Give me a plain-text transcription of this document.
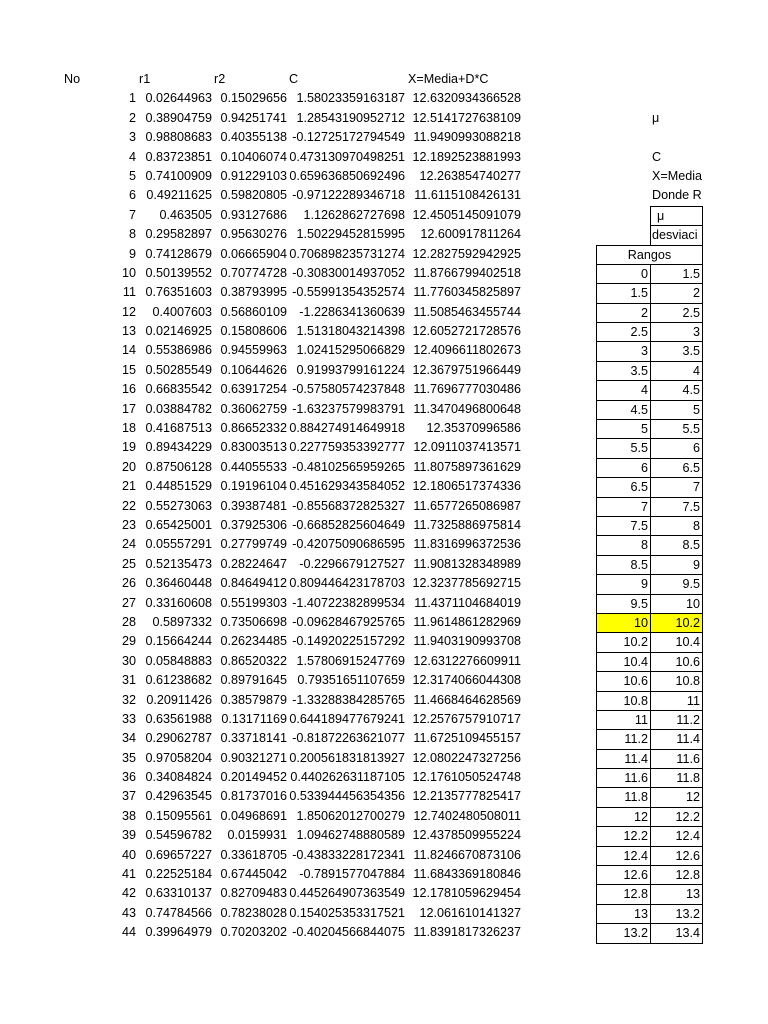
No	r1	r2	C	X=Media+D*C
1 0.02644963 0.15029656 1.58023359163187 12.6320934366528
2 0.38904759 0.94251741 1.28543190952712 12.5141727638109
3 0.98808683 0.40355138 -0.12725172794549 11.9490993088218
4 0.83723851 0.10406074 0.473130970498251 12.1892523881993
5 0.74100909 0.91229103 0.659636850692496	12.263854740277
6 0.49211625 0.59820805 -0.97122289346718 11.6115108426131
7	0.463505 0.93127686	1.1262862727698 12.4505145091079
8 0.29582897 0.95630276 1.50229452815995	12.600917811264
9 0.74128679 0.06665904 0.706898235731274 12.2827592942925
10 0.50139552 0.70774728 -0.30830014937052 11.8766799402518
11 0.76351603 0.38793995 -0.55991354352574 11.7760345825897
12	0.4007603 0.56860109 -1.2286341360639 11.5085463455744
13 0.02146925 0.15808606 1.51318043214398 12.6052721728576
14 0.55386986 0.94559963 1.02415295066829 12.4096611802673
15 0.50285549 0.10644626 0.91993799161224 12.3679751966449
16 0.66835542 0.63917254 -0.57580574237848 11.7696777030486
17 0.03884782 0.36062759 -1.63237579983791 11.3470496800648
18 0.41687513 0.86652332 0.884274914649918	12.35370996586
19 0.89434229 0.83003513 0.227759353392777 12.0911037413571
20 0.87506128 0.44055533 -0.48102565959265 11.8075897361629
21 0.44851529 0.19196104 0.451629343584052 12.1806517374336
22 0.55273063 0.39387481 -0.85568372825327 11.6577265086987
23 0.65425001 0.37925306 -0.66852825604649 11.7325886975814
24 0.05557291 0.27799749 -0.42075090686595 11.8316996372536
25 0.52135473 0.28224647 -0.2296679127527 11.9081328348989
26 0.36460448 0.84649412 0.809446423178703 12.3237785692715
27 0.33160608 0.55199303 -1.40722382899534 11.4371104684019
28	0.5897332 0.73506698 -0.09628467925765 11.9614861282969
29 0.15664244 0.26234485 -0.14920225157292 11.9403190993708
30 0.05848883 0.86520322 1.57806915247769 12.6312276609911
31 0.61238682 0.89791645 0.79351651107659 12.3174066044308
32 0.20911426 0.38579879 -1.33288384285765 11.4668464628569
33 0.63561988 0.13171169 0.644189477679241 12.2576757910717
34 0.29062787 0.33718141 -0.81872263621077 11.6725109455157
35 0.97058204 0.90321271 0.200561831813927 12.0802247327256
36 0.34084824 0.20149452 0.440262631187105 12.1761050524748
37 0.42963545 0.81737016 0.533944456354356 12.2135777825417
38 0.15095561 0.04968691 1.85062012700279 12.7402480508011
39 0.54596782	0.0159931 1.09462748880589 12.4378509955224
40 0.69657227 0.33618705 -0.43833228172341 11.8246670873106
41 0.22525184 0.67445042 -0.7891577047884 11.6843369180846
42 0.63310137 0.82709483 0.445264907363549 12.1781059629454
43 0.74784566 0.78238028 0.154025353317521	12.061610141327
44 0.39964979 0.70203202 -0.40204566844075 11.8391817326237
μ
C
X=Media
Donde R
μ
desviaci
Rangos
0	1.5
1.5	2
2	2.5
2.5	3
3	3.5
3.5	4
4	4.5
4.5	5
5	5.5
5.5	6
6	6.5
6.5	7
7	7.5
7.5	8
8	8.5
8.5	9
9	9.5
9.5	10
10	10.2
10.2	10.4
10.4	10.6
10.6	10.8
10.8	11
11	11.2
11.2	11.4
11.4	11.6
11.6	11.8
11.8	12
12	12.2
12.2	12.4
12.4	12.6
12.6	12.8
12.8	13
13	13.2
13.2	13.4
